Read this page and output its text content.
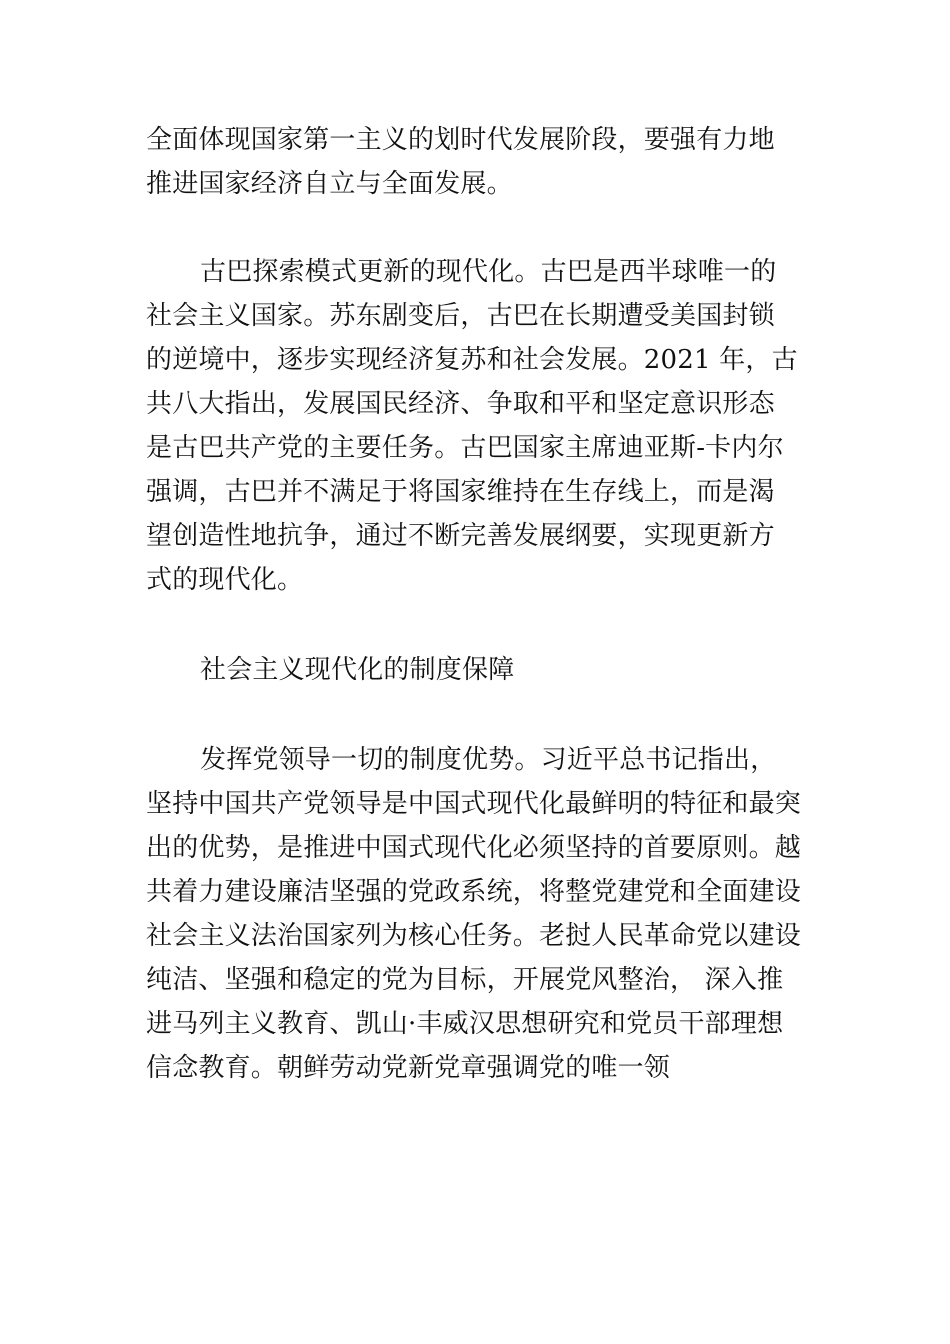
全面体现国家第一主义的划时代发展阶段，要强有力地
推进国家经济自立与全面发展。
古巴探索模式更新的现代化。古巴是西半球唯一的
社会主义国家。苏东剧变后，古巴在长期遭受美国封锁
的逆境中，逐步实现经济复苏和社会发展。2021 年，古
共八大指出，发展国民经济、争取和平和坚定意识形态
是古巴共产党的主要任务。古巴国家主席迪亚斯-卡内尔
强调，古巴并不满足于将国家维持在生存线上，而是渴
望创造性地抗争，通过不断完善发展纲要，实现更新方
式的现代化。
社会主义现代化的制度保障
发挥党领导一切的制度优势。习近平总书记指出，
坚持中国共产党领导是中国式现代化最鲜明的特征和最突
出的优势，是推进中国式现代化必须坚持的首要原则。越
共着力建设廉洁坚强的党政系统，将整党建党和全面建设
社会主义法治国家列为核心任务。老挝人民革命党以建设
纯洁、坚强和稳定的党为目标，开展党风整治， 深入推
进马列主义教育、凯山·丰威汉思想研究和党员干部理想
信念教育。朝鲜劳动党新党章强调党的唯一领
